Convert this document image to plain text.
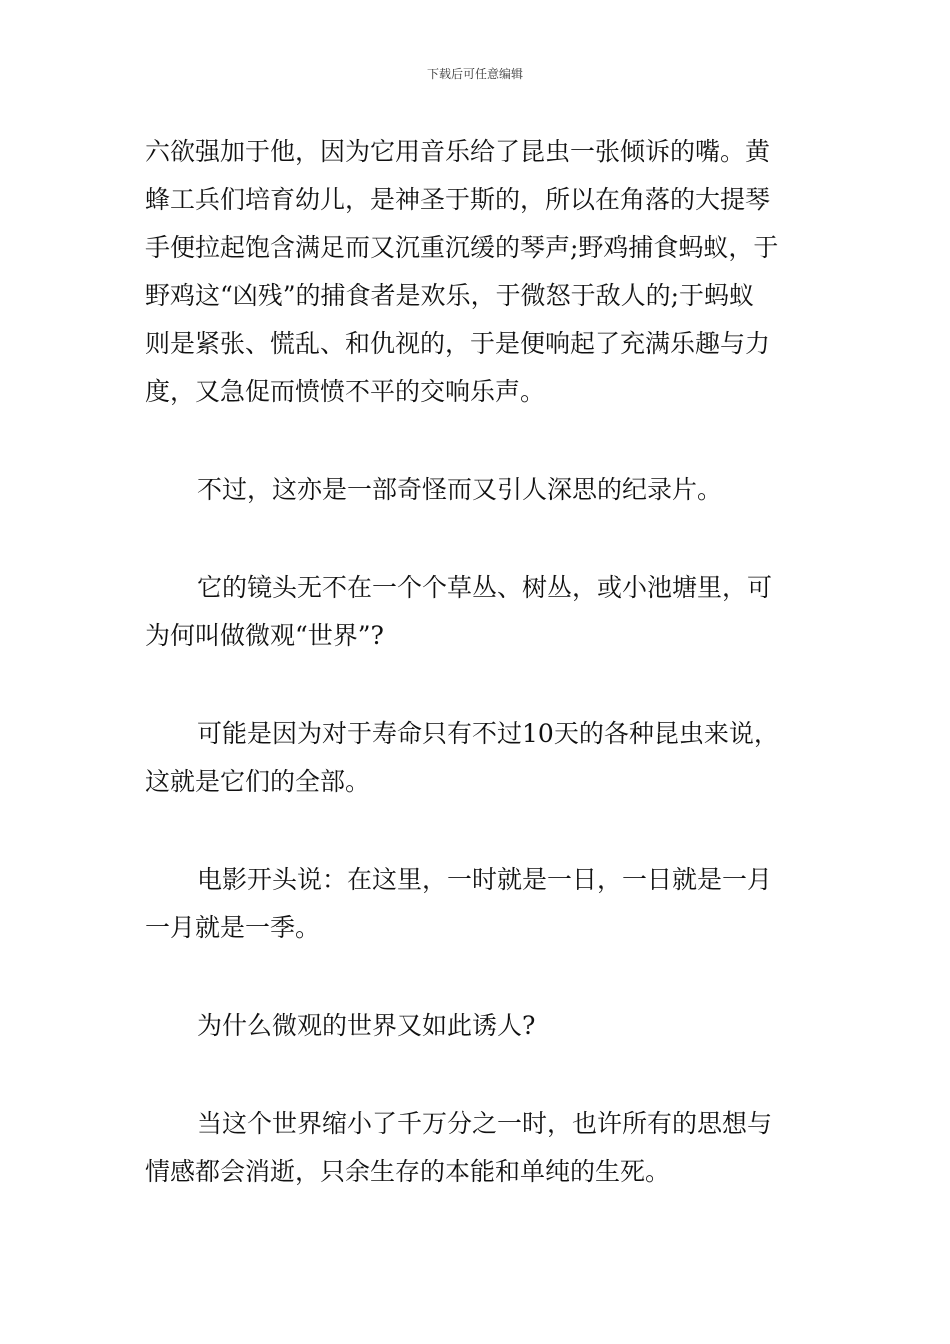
下载后可任意编辑
六欲强加于他，因为它用音乐给了昆虫一张倾诉的嘴。黄
蜂工兵们培育幼儿，是神圣于斯的，所以在角落的大提琴
手便拉起饱含满足而又沉重沉缓的琴声;野鸡捕食蚂蚁，于
野鸡这“凶残”的捕食者是欢乐，于微怒于敌人的;于蚂蚁
则是紧张、慌乱、和仇视的，于是便响起了充满乐趣与力
度，又急促而愤愤不平的交响乐声。
不过，这亦是一部奇怪而又引人深思的纪录片。
它的镜头无不在一个个草丛、树丛，或小池塘里，可
为何叫做微观“世界”?
可能是因为对于寿命只有不过10天的各种昆虫来说，
这就是它们的全部。
电影开头说：在这里，一时就是一日，一日就是一月
一月就是一季。
为什么微观的世界又如此诱人?
当这个世界缩小了千万分之一时，也许所有的思想与
情感都会消逝，只余生存的本能和单纯的生死。
